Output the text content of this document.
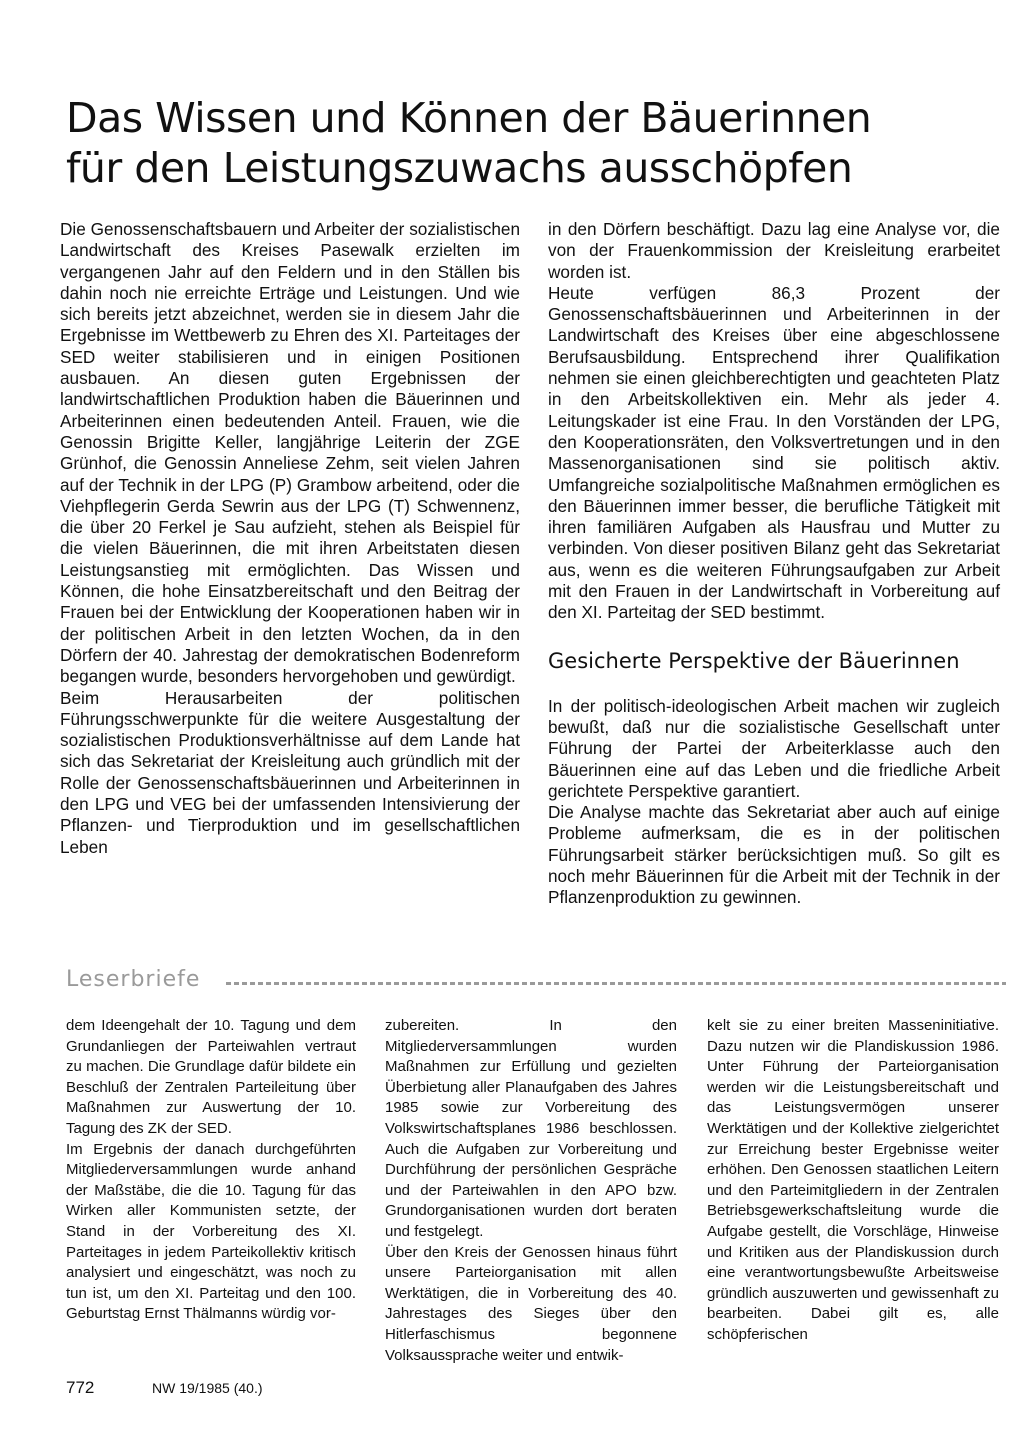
Das Wissen und Können der Bäuerinnen
für den Leistungszuwachs ausschöpfen

Die Genossenschaftsbauern und Arbeiter der sozialistischen Landwirtschaft des Kreises Pasewalk erzielten im vergangenen Jahr auf den Feldern und in den Ställen bis dahin noch nie erreichte Erträge und Leistungen. Und wie sich bereits jetzt abzeichnet, werden sie in diesem Jahr die Ergebnisse im Wettbewerb zu Ehren des XI. Parteitages der SED weiter stabilisieren und in einigen Positionen ausbauen. An diesen guten Ergebnissen der landwirtschaftlichen Produktion haben die Bäuerinnen und Arbeiterinnen einen bedeutenden Anteil. Frauen, wie die Genossin Brigitte Keller, langjährige Leiterin der ZGE Grünhof, die Genossin Anneliese Zehm, seit vielen Jahren auf der Technik in der LPG (P) Grambow arbeitend, oder die Viehpflegerin Gerda Sewrin aus der LPG (T) Schwennenz, die über 20 Ferkel je Sau aufzieht, stehen als Beispiel für die vielen Bäuerinnen, die mit ihren Arbeitstaten diesen Leistungsanstieg mit ermöglichten. Das Wissen und Können, die hohe Einsatzbereitschaft und den Beitrag der Frauen bei der Entwicklung der Kooperationen haben wir in der politischen Arbeit in den letzten Wochen, da in den Dörfern der 40. Jahrestag der demokratischen Bodenreform begangen wurde, besonders hervorgehoben und gewürdigt.

Beim Herausarbeiten der politischen Führungsschwerpunkte für die weitere Ausgestaltung der sozialistischen Produktionsverhältnisse auf dem Lande hat sich das Sekretariat der Kreisleitung auch gründlich mit der Rolle der Genossenschaftsbäuerinnen und Arbeiterinnen in den LPG und VEG bei der umfassenden Intensivierung der Pflanzen- und Tierproduktion und im gesellschaftlichen Leben

in den Dörfern beschäftigt. Dazu lag eine Analyse vor, die von der Frauenkommission der Kreisleitung erarbeitet worden ist.

Heute verfügen 86,3 Prozent der Genossenschaftsbäuerinnen und Arbeiterinnen in der Landwirtschaft des Kreises über eine abgeschlossene Berufsausbildung. Entsprechend ihrer Qualifikation nehmen sie einen gleichberechtigten und geachteten Platz in den Arbeitskollektiven ein. Mehr als jeder 4. Leitungskader ist eine Frau. In den Vorständen der LPG, den Kooperationsräten, den Volksvertretungen und in den Massenorganisationen sind sie politisch aktiv. Umfangreiche sozialpolitische Maßnahmen ermöglichen es den Bäuerinnen immer besser, die berufliche Tätigkeit mit ihren familiären Aufgaben als Hausfrau und Mutter zu verbinden. Von dieser positiven Bilanz geht das Sekretariat aus, wenn es die weiteren Führungsaufgaben zur Arbeit mit den Frauen in der Landwirtschaft in Vorbereitung auf den XI. Parteitag der SED bestimmt.

Gesicherte Perspektive der Bäuerinnen

In der politisch-ideologischen Arbeit machen wir zugleich bewußt, daß nur die sozialistische Gesellschaft unter Führung der Partei der Arbeiterklasse auch den Bäuerinnen eine auf das Leben und die friedliche Arbeit gerichtete Perspektive garantiert.

Die Analyse machte das Sekretariat aber auch auf einige Probleme aufmerksam, die es in der politischen Führungsarbeit stärker berücksichtigen muß. So gilt es noch mehr Bäuerinnen für die Arbeit mit der Technik in der Pflanzenproduktion zu gewinnen.

Leserbriefe

dem Ideengehalt der 10. Tagung und dem Grundanliegen der Parteiwahlen vertraut zu machen. Die Grundlage dafür bildete ein Beschluß der Zentralen Parteileitung über Maßnahmen zur Auswertung der 10. Tagung des ZK der SED.

Im Ergebnis der danach durchgeführten Mitgliederversammlungen wurde anhand der Maßstäbe, die die 10. Tagung für das Wirken aller Kommunisten setzte, der Stand in der Vorbereitung des XI. Parteitages in jedem Parteikollektiv kritisch analysiert und eingeschätzt, was noch zu tun ist, um den XI. Parteitag und den 100. Geburtstag Ernst Thälmanns würdig vor-

zubereiten. In den Mitgliederversammlungen wurden Maßnahmen zur Erfüllung und gezielten Überbietung aller Planaufgaben des Jahres 1985 sowie zur Vorbereitung des Volkswirtschaftsplanes 1986 beschlossen. Auch die Aufgaben zur Vorbereitung und Durchführung der persönlichen Gespräche und der Parteiwahlen in den APO bzw. Grundorganisationen wurden dort beraten und festgelegt.

Über den Kreis der Genossen hinaus führt unsere Parteiorganisation mit allen Werktätigen, die in Vorbereitung des 40. Jahrestages des Sieges über den Hitlerfaschismus begonnene Volksaussprache weiter und entwik-

kelt sie zu einer breiten Masseninitiative. Dazu nutzen wir die Plandiskussion 1986. Unter Führung der Parteiorganisation werden wir die Leistungsbereitschaft und das Leistungsvermögen unserer Werktätigen und der Kollektive zielgerichtet zur Erreichung bester Ergebnisse weiter erhöhen. Den Genossen staatlichen Leitern und den Parteimitgliedern in der Zentralen Betriebsgewerkschaftsleitung wurde die Aufgabe gestellt, die Vorschläge, Hinweise und Kritiken aus der Plandiskussion durch eine verantwortungsbewußte Arbeitsweise gründlich auszuwerten und gewissenhaft zu bearbeiten. Dabei gilt es, alle schöpferischen

772	NW 19/1985 (40.)
